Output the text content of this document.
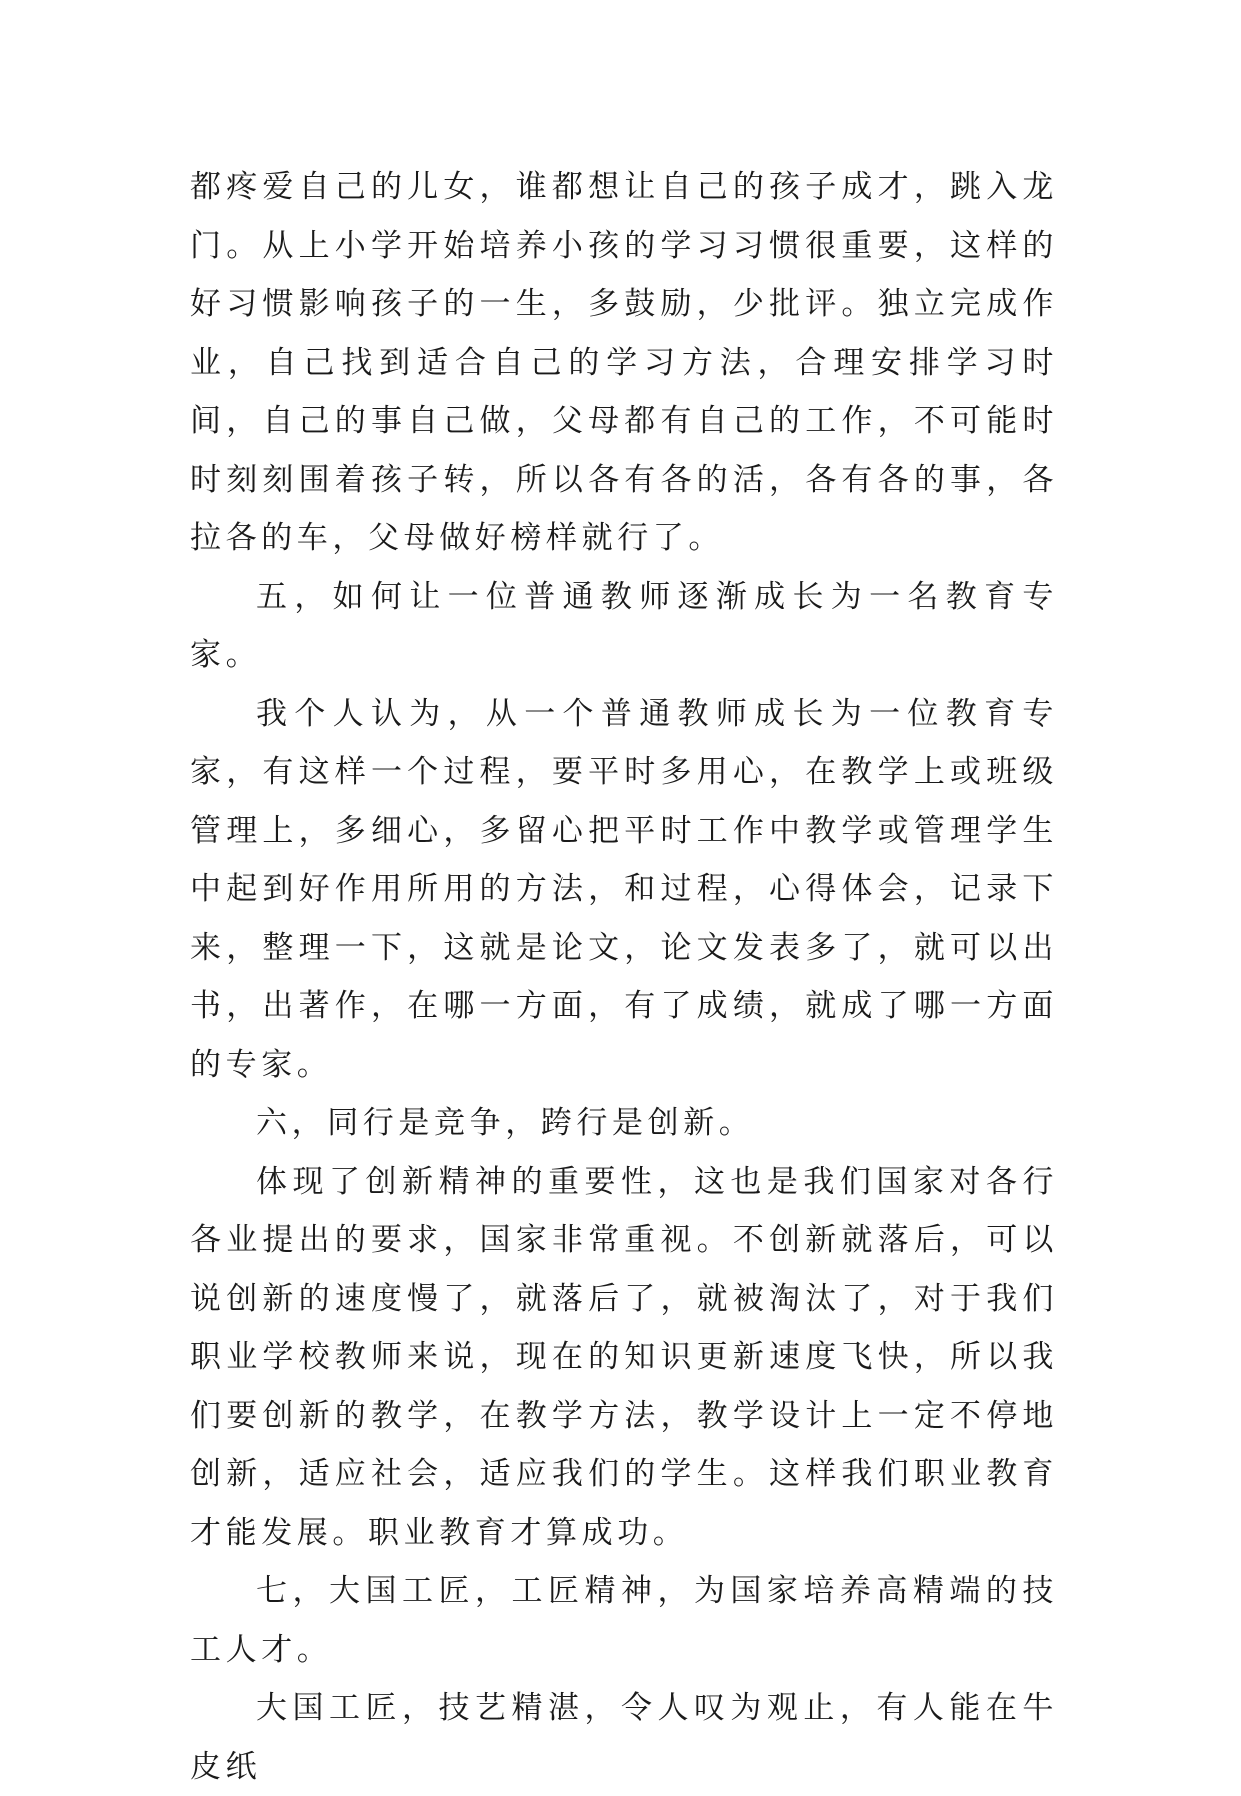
都疼爱自己的儿女，谁都想让自己的孩子成才，跳入龙门。从上小学开始培养小孩的学习习惯很重要，这样的好习惯影响孩子的一生，多鼓励，少批评。独立完成作业，自己找到适合自己的学习方法，合理安排学习时间，自己的事自己做，父母都有自己的工作，不可能时时刻刻围着孩子转，所以各有各的活，各有各的事，各拉各的车，父母做好榜样就行了。

五，如何让一位普通教师逐渐成长为一名教育专家。

我个人认为，从一个普通教师成长为一位教育专家，有这样一个过程，要平时多用心，在教学上或班级管理上，多细心，多留心把平时工作中教学或管理学生中起到好作用所用的方法，和过程，心得体会，记录下来，整理一下，这就是论文，论文发表多了，就可以出书，出著作，在哪一方面，有了成绩，就成了哪一方面的专家。

六，同行是竞争，跨行是创新。

体现了创新精神的重要性，这也是我们国家对各行各业提出的要求，国家非常重视。不创新就落后，可以说创新的速度慢了，就落后了，就被淘汰了，对于我们职业学校教师来说，现在的知识更新速度飞快，所以我们要创新的教学，在教学方法，教学设计上一定不停地创新，适应社会，适应我们的学生。这样我们职业教育才能发展。职业教育才算成功。

七，大国工匠，工匠精神，为国家培养高精端的技工人才。

大国工匠，技艺精湛，令人叹为观止，有人能在牛皮纸
